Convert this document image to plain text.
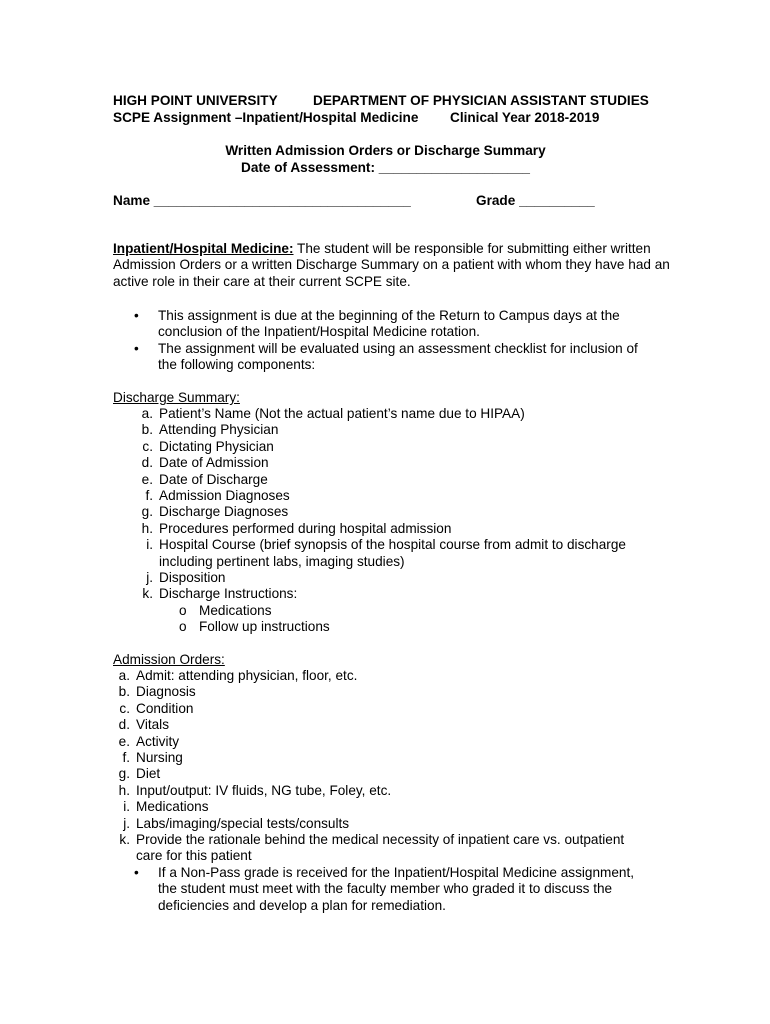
HIGH POINT UNIVERSITY	DEPARTMENT OF PHYSICIAN ASSISTANT STUDIES
SCPE Assignment –Inpatient/Hospital Medicine Clinical Year 2018-2019
Written Admission Orders or Discharge Summary
Date of Assessment: ____________________
Name __________________________________	Grade __________
Inpatient/Hospital Medicine: The student will be responsible for submitting either written Admission Orders or a written Discharge Summary on a patient with whom they have had an active role in their care at their current SCPE site.
• This assignment is due at the beginning of the Return to Campus days at the conclusion of the Inpatient/Hospital Medicine rotation.
• The assignment will be evaluated using an assessment checklist for inclusion of the following components:
Discharge Summary:
a. Patient’s Name (Not the actual patient’s name due to HIPAA)
b. Attending Physician
c. Dictating Physician
d. Date of Admission
e. Date of Discharge
f. Admission Diagnoses
g. Discharge Diagnoses
h. Procedures performed during hospital admission
i. Hospital Course (brief synopsis of the hospital course from admit to discharge including pertinent labs, imaging studies)
j. Disposition
k. Discharge Instructions:
o Medications
o Follow up instructions
Admission Orders:
a. Admit: attending physician, floor, etc.
b. Diagnosis
c. Condition
d. Vitals
e. Activity
f. Nursing
g. Diet
h. Input/output: IV fluids, NG tube, Foley, etc.
i. Medications
j. Labs/imaging/special tests/consults
k. Provide the rationale behind the medical necessity of inpatient care vs. outpatient care for this patient
• If a Non-Pass grade is received for the Inpatient/Hospital Medicine assignment, the student must meet with the faculty member who graded it to discuss the deficiencies and develop a plan for remediation.
